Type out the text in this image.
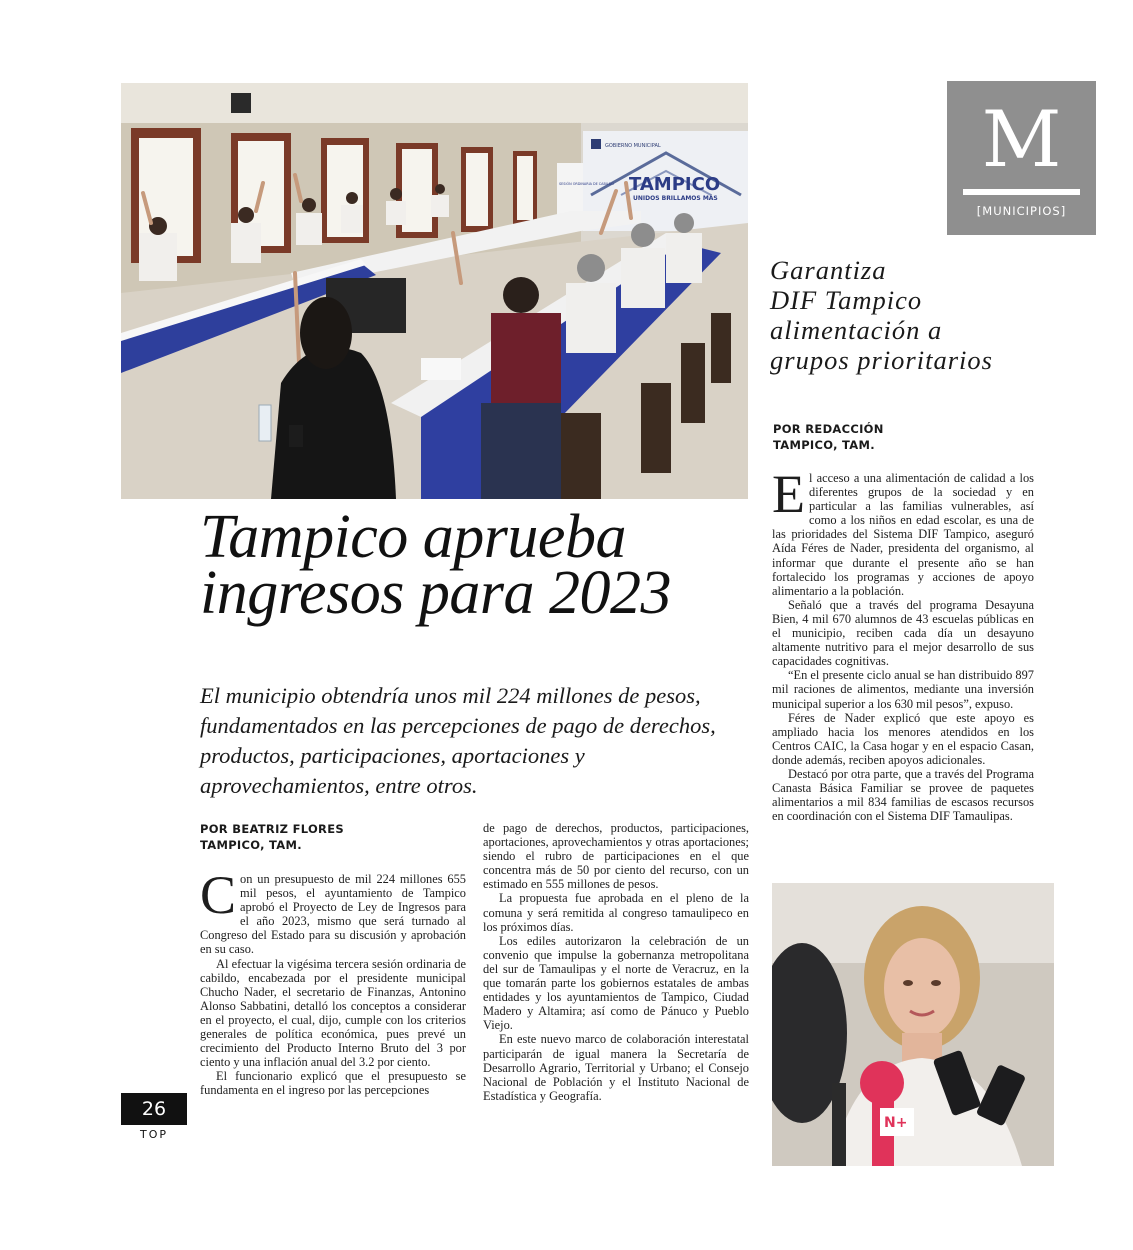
GOBIERNO MUNICIPAL
TAMPICO
UNIDOS BRILLAMOS MÁS
SESIÓN ORDINARIA DE CABILDO	M
[MUNICIPIOS]
Tampico aprueba
ingresos para 2023
El municipio obtendría unos mil 224 millones de pesos, fundamentados en las percepciones de pago de derechos, productos, participaciones, aportaciones y aprovechamientos, entre otros.
POR BEATRIZ FLORES
TAMPICO, TAM.

Con un presupuesto de mil 224 millones 655 mil pesos, el ayuntamiento de Tampico aprobó el Proyecto de Ley de Ingresos para el año 2023, mismo que será turnado al Congreso del Estado para su discusión y aprobación en su caso.

Al efectuar la vigésima tercera sesión ordinaria de cabildo, encabezada por el presidente municipal Chucho Nader, el secretario de Finanzas, Antonino Alonso Sabbatini, detalló los conceptos a considerar en el proyecto, el cual, dijo, cumple con los criterios generales de política económica, pues prevé un crecimiento del Producto Interno Bruto del 3 por ciento y una inflación anual del 3.2 por ciento.

El funcionario explicó que el presupuesto se fundamenta en el ingreso por las percepciones

de pago de derechos, productos, participaciones, aportaciones, aprovechamientos y otras aportaciones; siendo el rubro de participaciones en el que concentra más de 50 por ciento del recurso, con un estimado en 555 millones de pesos.

La propuesta fue aprobada en el pleno de la comuna y será remitida al congreso tamaulipeco en los próximos días.

Los ediles autorizaron la celebración de un convenio que impulse la gobernanza metropolitana del sur de Tamaulipas y el norte de Veracruz, en la que tomarán parte los gobiernos estatales de ambas entidades y los ayuntamientos de Tampico, Ciudad Madero y Altamira; así como de Pánuco y Pueblo Viejo.

En este nuevo marco de colaboración interestatal participarán de igual manera la Secretaría de Desarrollo Agrario, Territorial y Urbano; el Consejo Nacional de Población y el Instituto Nacional de Estadística y Geografía.

Garantiza
DIF Tampico
alimentación a
grupos prioritarios
POR REDACCIÓN
TAMPICO, TAM.

El acceso a una alimentación de calidad a los diferentes grupos de la sociedad y en particular a las familias vulnerables, así como a los niños en edad escolar, es una de las prioridades del Sistema DIF Tampico, aseguró Aída Féres de Nader, presidenta del organismo, al informar que durante el presente año se han fortalecido los programas y acciones de apoyo alimentario a la población.

Señaló que a través del programa Desayuna Bien, 4 mil 670 alumnos de 43 escuelas públicas en el municipio, reciben cada día un desayuno altamente nutritivo para el mejor desarrollo de sus capacidades cognitivas.

“En el presente ciclo anual se han distribuido 897 mil raciones de alimentos, mediante una inversión municipal superior a los 630 mil pesos”, expuso.

Féres de Nader explicó que este apoyo es ampliado hacia los menores atendidos en los Centros CAIC, la Casa hogar y en el espacio Casan, donde además, reciben apoyos adicionales.

Destacó por otra parte, que a través del Programa Canasta Básica Familiar se provee de paquetes alimentarios a mil 834 familias de escasos recursos en coordinación con el Sistema DIF Tamaulipas.

N+
26
TOP
